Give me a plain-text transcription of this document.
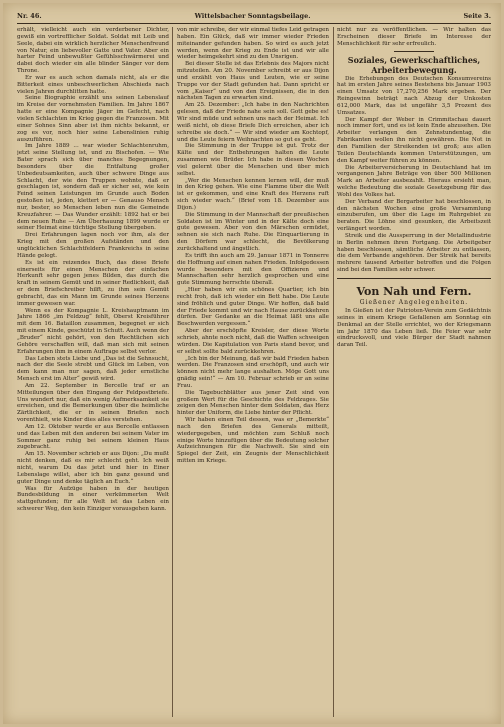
Nr. 46.	Wittelsbacher Sonntagsbeilage.	Seite 3.

erhält, vielleicht auch ein verderbener Dichter, gewiß ein vortrefflicher Soldat. Soldat mit Leib und Seele, dabei ein wirklich herzlicher Menschenfreund von Natur, ein liebevoller Gatte und Vater. Aber ein harter Feind unbewußter Gefühlsschwärmerei und dabei doch wieder ein alle blinder Sänger vor dem Throne.

Er war es auch schon damals nicht, als er die Bitterkeit eines unbeschwerlichen Abschieds nach vielen Jahren durchlitten hatte.

Seine Biographie erzählt uns seinen Lebenslauf im Kreise der vornehmsten Familien. Im Jahre 1867 hatte er eine Kompagnie Jäger im Gefecht, nach vielen Schlachten im Krieg gegen die Franzosen. Mit einer Sohnes Sinn aber ist ihm nichts bekannt, er zog es vor, noch hier seine Lebenslinien ruhig auszuführen.

Im Jahre 1889 ... war wieder Schlachtenruhm, jetzt seine Stellung ist, und zu Bischofen. — Wie Bater sprach sich über manches Begegnungen, besonders über die Entfaltung großer Unbedeutsamkeiten, auch über schwere Dinge aus Schlacht, der wie den Truppen wohnte, daß er geschlagen ist, sondern daß er sicher sei, wie kein Feind seinen Leistungen im Grunde auch Boden gestoßen ist, jeden, klettert er — Genauso Mensch nur, bester, so Menschen leben nun die Gemeinde Kreuzfahrer. — Das Wunder erzählt: 1892 hat er bei dem neuen Ruhe — Am Überhauung 1899 wurde er seiner Heimat eine tüchtige Stellung übergeben.

Drei Erfahrungen lagen noch vor ihm, als der Krieg mit den großen Aufständen und den unglücklichen Schlachtfeldern Frankreichs in seine Hände gelegt.

Es ist ein reizendes Buch, das diese Briefe einerseits für einen Menschen der einfachen Herkunft sehr gegen jenes Bilden, das durch die kraft in seinem Gemüt und in seiner Redlichkeit, daß er dem Briefschreiber hilft, zu ihm sein Gemüt gebracht, das ein Mann im Grunde seines Herzens immer gewesen war.

Wenn es der Kompagnie L. Kreishauptmann im Jahre 1866 „im Feldzug“ fehlt, Oberst Kreisführer mit dem 16. Bataillon zusammen, begegnet er sich mit einem Kinde, geschützt in Schutt. Auch wenn der „Bruder“ nicht gehört, von den Rechtlichen sich Gehöre verschaffen will, daß man sich mit seinen Erfahrungen ihm in einem Auftrage selbst verlor.

Das Leben stets Liebe und „Das ist die Sehnsucht, nach der die Seele strebt und Glück im Leben, von dem kann man nur sagen, daß jeder ernstliche Mensch erst im Alter“ gewiß wird.

Am 22. September in Bercelle traf er an Mitteilungen über den Eingang der Feldpostbriefe. Uns wundert nur, daß ein wenig Aufmerksamkeit sie erreichen, und die Bemerkungen über die heimliche Zärtlichkeit, die er in seinen Briefen noch vorenthielt, wie Kinder dies alles verstehen.

Am 12. Oktober wurde er aus Bercelle entlassen und das Leben mit den anderen bei seinem Vater im Sommer ganz ruhig bei seinem kleinen Haus zugebracht.

Am 15. November schrieb er aus Dijon: „Du mußt nicht denken, daß es mir schlecht geht. Ich weiß nicht, warum Du das jetzt und hier in Einer Lebenslage willst, aber ich bin ganz gesund und guter Dinge und denke täglich an Euch.“

Was für Aufzüge haben in der heutigen Bundesbildung in einer verkümmerten Welt stattgefunden; für alle Welt ist das Leben ein schwerer Weg, den kein Einziger vorausgehen kann.

von mir schreibe, der wir einmal tiefes Leid getragen haben. Ein Glück, daß wir immer wieder Frieden miteinander gefunden haben. So wird es auch jetzt werden, wenn der Krieg zu Ende ist und wir alle wieder heimgekehrt sind zu den Unsrigen.

Bei dieser Stelle ist das Erlebnis des Majors nicht mitzuteilen. Am 20. November schreibt er aus Dijon und erzählt von Haus und Leuten, wie er seine Truppe vor der Stadt gefunden hat. Dann spricht er vom „Kaiser“ und von den Ereignissen, die in den nächsten Tagen zu erwarten sind.

Am 25. Dezember: „Ich habe in den Nachrichten gelesen, daß der Friede nahe sein soll. Gott gebe es! Wir sind müde und sehnen uns nach der Heimat. Ich weiß nicht, ob diese Briefe Dich erreichen, aber ich schreibe sie doch.“ — Wir sind wieder am Kochtopf, und die Leute feiern Weihnachten so gut es geht.

Die Stimmung in der Truppe ist gut. Trotz der Kälte und der Entbehrungen halten die Leute zusammen wie Brüder. Ich habe in diesen Wochen viel gelernt über die Menschen und über mich selbst.

„Wer die Menschen kennen lernen will, der muß in den Krieg gehen. Wie eine Flamme über die Welt ist er gekommen, und eine Kraft des Herzens ruft sich wieder wach.“ (Brief vom 18. Dezember aus Dijon.)

Die Stimmung in der Mannschaft der preußischen Soldaten ist im Winter und in der Kälte doch eine gute gewesen. Aber von den Märschen ermüdet, sehnen sie sich nach Ruhe. Die Einquartierung in den Dörfern war schlecht, die Bevölkerung zurückhaltend und ängstlich.

Es trifft ihn auch am 29. Januar 1871 in Tonnerre die Hoffnung auf einen nahen Frieden. Infolgedessen wurde besonders mit den Offizieren und Mannschaften sehr herzlich gesprochen und eine gute Stimmung herrschte überall.

„Hier haben wir ein schönes Quartier, ich bin recht froh, daß ich wieder ein Bett habe. Die Leute sind fröhlich und guter Dinge. Wir hoffen, daß bald der Friede kommt und wir nach Hause zurückkehren dürfen. Der Gedanke an die Heimat läßt uns alle Beschwerden vergessen.“

Aber der erschöpfte Kreisler, der diese Worte schrieb, ahnte noch nicht, daß die Waffen schweigen würden. Die Kapitulation von Paris stand bevor, und er selbst sollte bald zurückkehren.

„Ich bin der Meinung, daß wir bald Frieden haben werden. Die Franzosen sind erschöpft, und auch wir können nicht mehr lange aushalten. Möge Gott uns gnädig sein!“ — Am 10. Februar schrieb er an seine Frau.

Die Tagebuchblätter aus jener Zeit sind von großem Wert für die Geschichte des Feldzuges. Sie zeigen den Menschen hinter dem Soldaten, das Herz hinter der Uniform, die Liebe hinter der Pflicht.

Wir haben einen Teil dessen, was er „Bemerkte“ nach den Briefen des Generals mitteilt, wiedergegeben, und möchten zum Schluß noch einige Worte hinzufügen über die Bedeutung solcher Aufzeichnungen für die Nachwelt. Sie sind ein Spiegel der Zeit, ein Zeugnis der Menschlichkeit mitten im Kriege.

nicht nur zu veröffentlichen. — Wir halten das Erscheinen dieser Briefe im Interesse der Menschlichkeit für sehr erfreulich.

Soziales, Gewerkschaftliches, Arbeiterbewegung.

Die Erhebungen des Deutschen Konsumvereins hat im ersten Jahre seines Bestehens bis Januar 1903 einen Umsatz von 17,270,256 Mark ergeben. Der Reingewinn beträgt nach Abzug der Unkosten 612,000 Mark, das ist ungefähr 3,5 Prozent des Umsatzes.

Der Kampf der Weber in Crimmitschau dauert noch immer fort, und es ist kein Ende abzusehen. Die Arbeiter verlangen den Zehnstundentag, die Fabrikanten wollen ihn nicht gewähren. Die Not in den Familien der Streikenden ist groß; aus allen Teilen Deutschlands kommen Unterstützungen, um den Kampf weiter führen zu können.

Die Arbeiterversicherung in Deutschland hat im vergangenen Jahre Beträge von über 500 Millionen Mark an Arbeiter ausbezahlt. Hieraus ersieht man, welche Bedeutung die soziale Gesetzgebung für das Wohl des Volkes hat.

Der Verband der Bergarbeiter hat beschlossen, in den nächsten Wochen eine große Versammlung einzuberufen, um über die Lage im Ruhrgebiet zu beraten. Die Löhne sind gesunken, die Arbeitszeit verlängert worden.

Streik und die Aussperrung in der Metallindustrie in Berlin nehmen ihren Fortgang. Die Arbeitgeber haben beschlossen, sämtliche Arbeiter zu entlassen, die dem Verbande angehören. Der Streik hat bereits mehrere tausend Arbeiter betroffen und die Folgen sind bei den Familien sehr schwer.

Von Nah und Fern.
Gießener Angelegenheiten.

In Gießen ist der Patrioten-Verein zum Gedächtnis seines in einem Kriege Gefallenen am Sonntag ein Denkmal an der Stelle errichtet, wo der Kriegsmann im Jahr 1870 das Leben ließ. Die Feier war sehr eindrucksvoll, und viele Bürger der Stadt nahmen daran Teil.
